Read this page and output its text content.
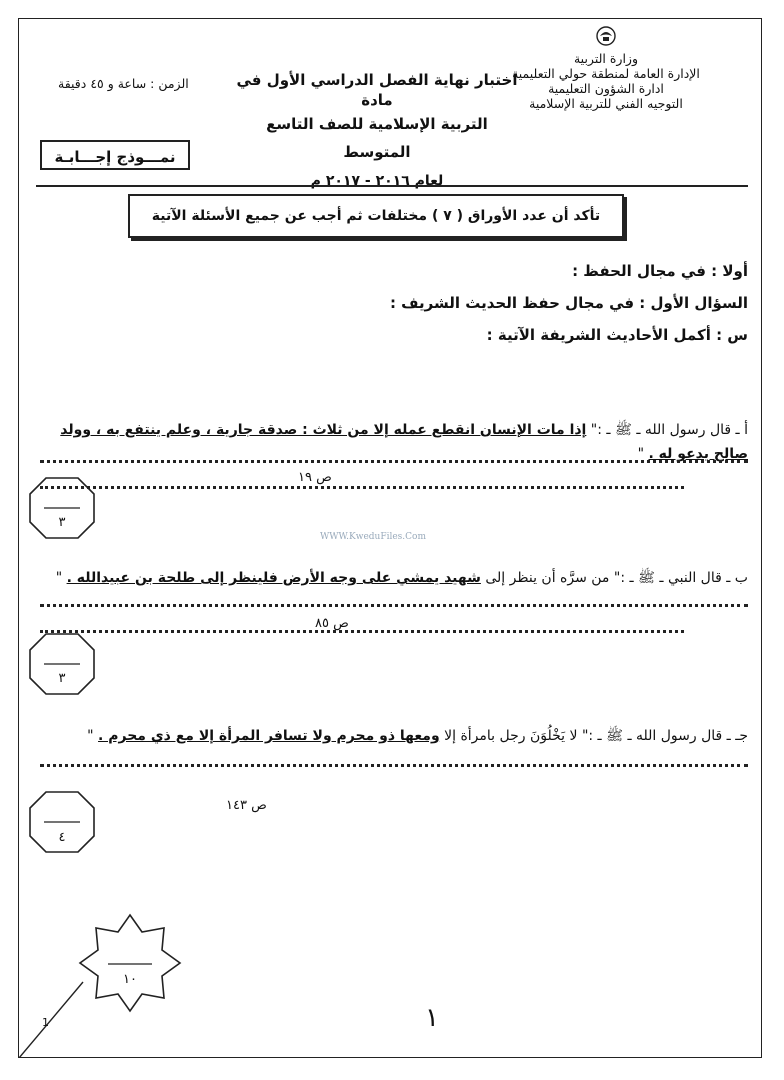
وزارة التربية
الإدارة العامة لمنطقة حولي التعليمية
ادارة الشؤون التعليمية
التوجيه الفني للتربية الإسلامية
اختبار نهاية الفصل الدراسي الأول في مادة
التربية الإسلامية للصف التاسع المتوسط
لعام ٢٠١٦ - ٢٠١٧ م
الزمن : ساعة و ٤٥ دقيقة
نمـــوذج إجـــابـة
تأكد أن عدد الأوراق ( ٧ ) مختلفات ثم أجب عن جميع الأسئلة الآتية
أولا : في مجال الحفظ :
السؤال الأول : في مجال حفظ الحديث الشريف :
س : أكمل الأحاديث الشريفة الآتية :
أ ـ قال رسول الله ـ ﷺ ـ :" إذا مات الإنسان انقطع عمله إلا من ثلاث : صدقة جارية ، وعلم ينتفع به ، وولد صالح يدعو له . "
ص ١٩
٣
WWW.KweduFiles.Com
ب ـ قال النبي ـ ﷺ ـ :" من سرَّه أن ينظر إلى شهيد يمشي على وجه الأرض فلينظر إلى طلحة بن عبيدالله . "
ص ٨٥
٣
جـ ـ قال رسول الله ـ ﷺ ـ :" لا يَخْلُوَنَ رجل بامرأة إلا ومعها ذو محرم ولا تسافر المرأة إلا مع ذي محرم . "
ص ١٤٣
٤
١٠
1	١
